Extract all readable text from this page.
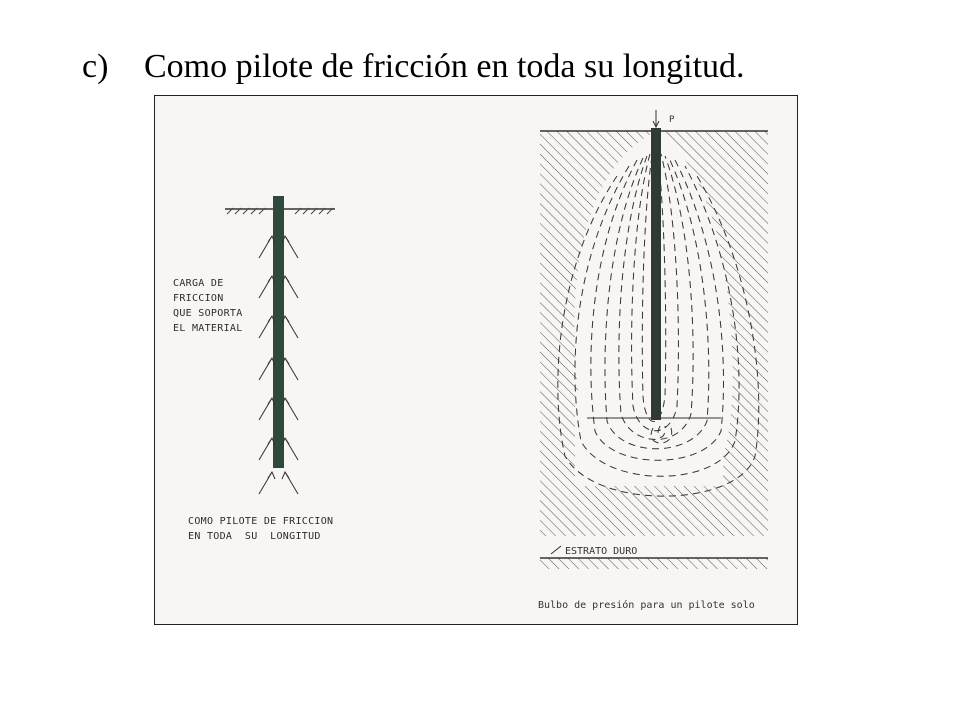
c) Como pilote de fricción en toda su longitud.
P
ESTRATO DURO
Bulbo de presión para un pilote solo
CARGA DE
FRICCION
QUE SOPORTA
EL MATERIAL
COMO PILOTE DE FRICCION
EN TODA  SU  LONGITUD
